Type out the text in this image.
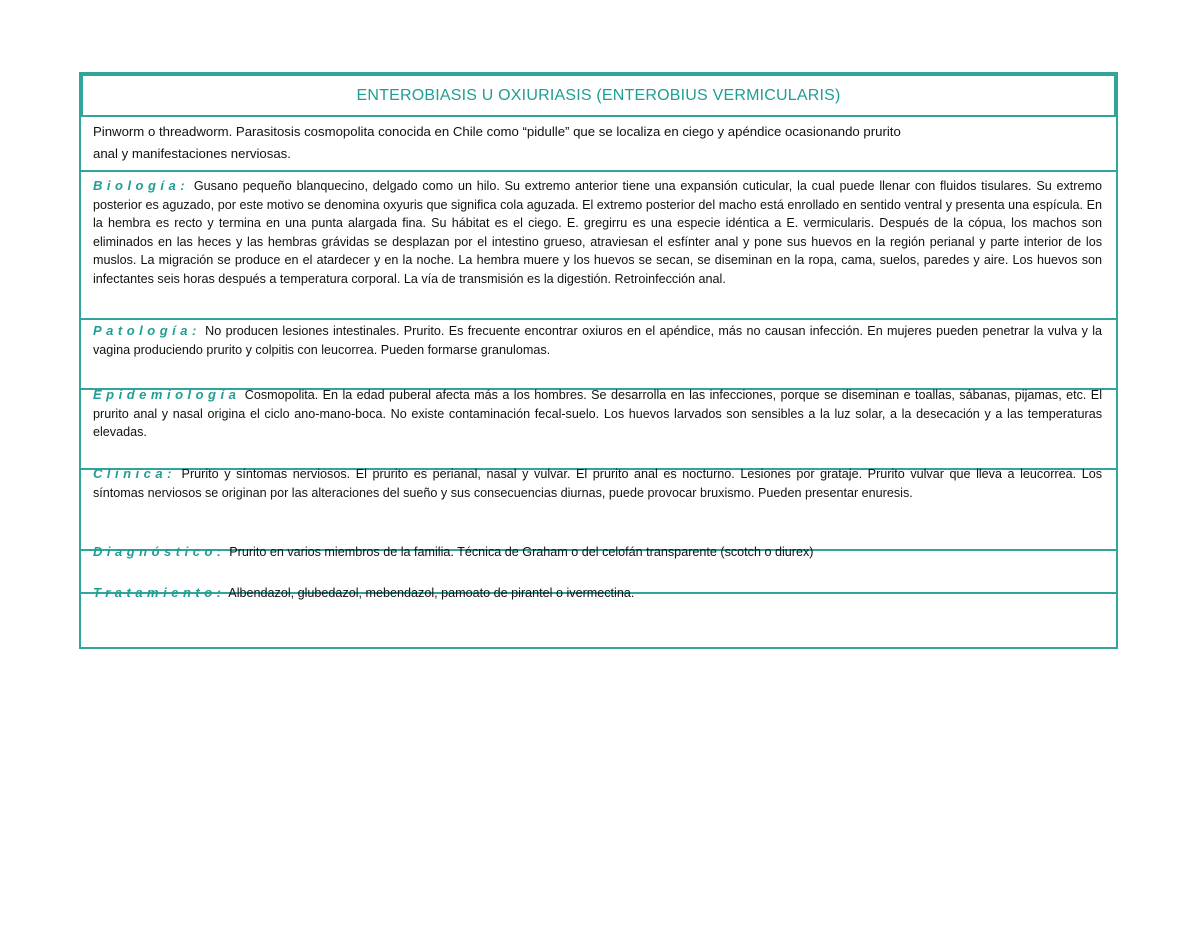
ENTEROBIASIS U OXIURIASIS (ENTEROBIUS VERMICULARIS)
Pinworm o threadworm. Parasitosis cosmopolita conocida en Chile como “pidulle” que se localiza en ciego y apéndice ocasionando prurito
anal y manifestaciones nerviosas.
Biología: Gusano pequeño blanquecino, delgado como un hilo. Su extremo anterior tiene una expansión cuticular, la cual puede llenar con fluidos tisulares. Su extremo posterior es aguzado, por este motivo se denomina oxyuris que significa cola aguzada. El extremo posterior del macho está enrollado en sentido ventral y presenta una espícula. En la hembra es recto y termina en una punta alargada fina. Su hábitat es el ciego. E. gregirru es una especie idéntica a E. vermicularis. Después de la cópua, los machos son eliminados en las heces y las hembras grávidas se desplazan por el intestino grueso, atraviesan el esfínter anal y pone sus huevos en la región perianal y parte interior de los muslos. La migración se produce en el atardecer y en la noche. La hembra muere y los huevos se secan, se diseminan en la ropa, cama, suelos, paredes y aire. Los huevos son infectantes seis horas después a temperatura corporal. La vía de transmisión es la digestión. Retroinfección anal.
Patología: No producen lesiones intestinales. Prurito. Es frecuente encontrar oxiuros en el apéndice, más no causan infección. En mujeres pueden penetrar la vulva y la vagina produciendo prurito y colpitis con leucorrea. Pueden formarse granulomas.
Epidemiología Cosmopolita. En la edad puberal afecta más a los hombres. Se desarrolla en las infecciones, porque se diseminan e toallas, sábanas, pijamas, etc. El prurito anal y nasal origina el ciclo ano-mano-boca. No existe contaminación fecal-suelo. Los huevos larvados son sensibles a la luz solar, a la desecación y a las temperaturas elevadas.
Clínica: Prurito y síntomas nerviosos. El prurito es perianal, nasal y vulvar. El prurito anal es nocturno. Lesiones por grataje. Prurito vulvar que lleva a leucorrea. Los síntomas nerviosos se originan por las alteraciones del sueño y sus consecuencias diurnas, puede provocar bruxismo. Pueden presentar enuresis.
Diagnóstico: Prurito en varios miembros de la familia. Técnica de Graham o del celofán transparente (scotch o diurex)
Tratamiento: Albendazol, glubedazol, mebendazol, pamoato de pirantel o ivermectina.
